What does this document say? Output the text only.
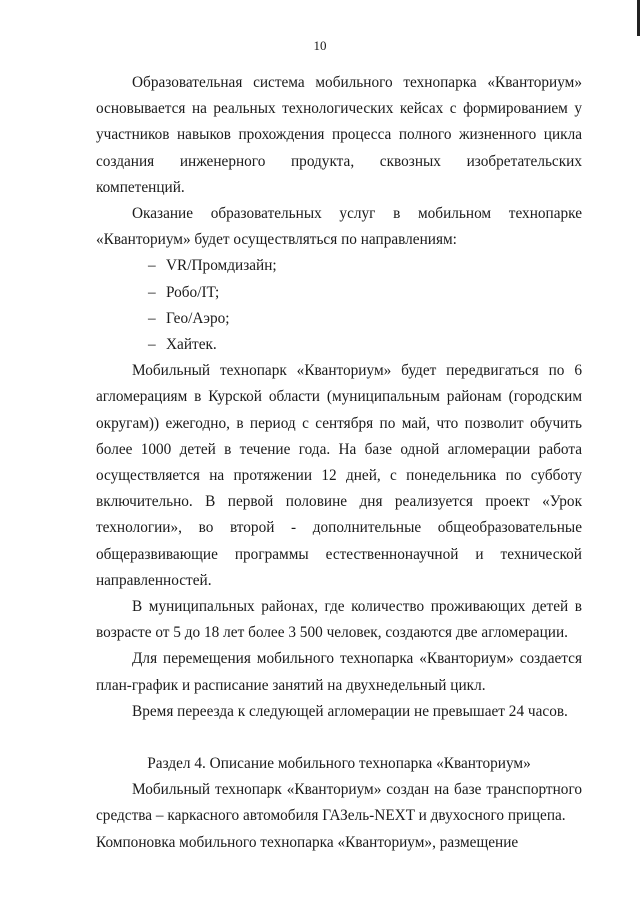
10

Образовательная система мобильного технопарка «Кванториум» основывается на реальных технологических кейсах с формированием у участников навыков прохождения процесса полного жизненного цикла создания инженерного продукта, сквозных изобретательских компетенций.

Оказание образовательных услуг в мобильном технопарке «Кванториум» будет осуществляться по направлениям:

– VR/Промдизайн;
– Робо/IT;
– Гео/Аэро;
– Хайтек.

Мобильный технопарк «Кванториум» будет передвигаться по 6 агломерациям в Курской области (муниципальным районам (городским округам)) ежегодно, в период с сентября по май, что позволит обучить более 1000 детей в течение года. На базе одной агломерации работа осуществляется на протяжении 12 дней, с понедельника по субботу включительно. В первой половине дня реализуется проект «Урок технологии», во второй - дополнительные общеобразовательные общеразвивающие программы естественнонаучной и технической направленностей.

В муниципальных районах, где количество проживающих детей в возрасте от 5 до 18 лет более 3 500 человек, создаются две агломерации.

Для перемещения мобильного технопарка «Кванториум» создается план-график и расписание занятий на двухнедельный цикл.

Время переезда к следующей агломерации не превышает 24 часов.

Раздел 4. Описание мобильного технопарка «Кванториум»

Мобильный технопарк «Кванториум» создан на базе транспортного средства – каркасного автомобиля ГАЗель-NEXT и двухосного прицепа.

Компоновка мобильного технопарка «Кванториум», размещение
